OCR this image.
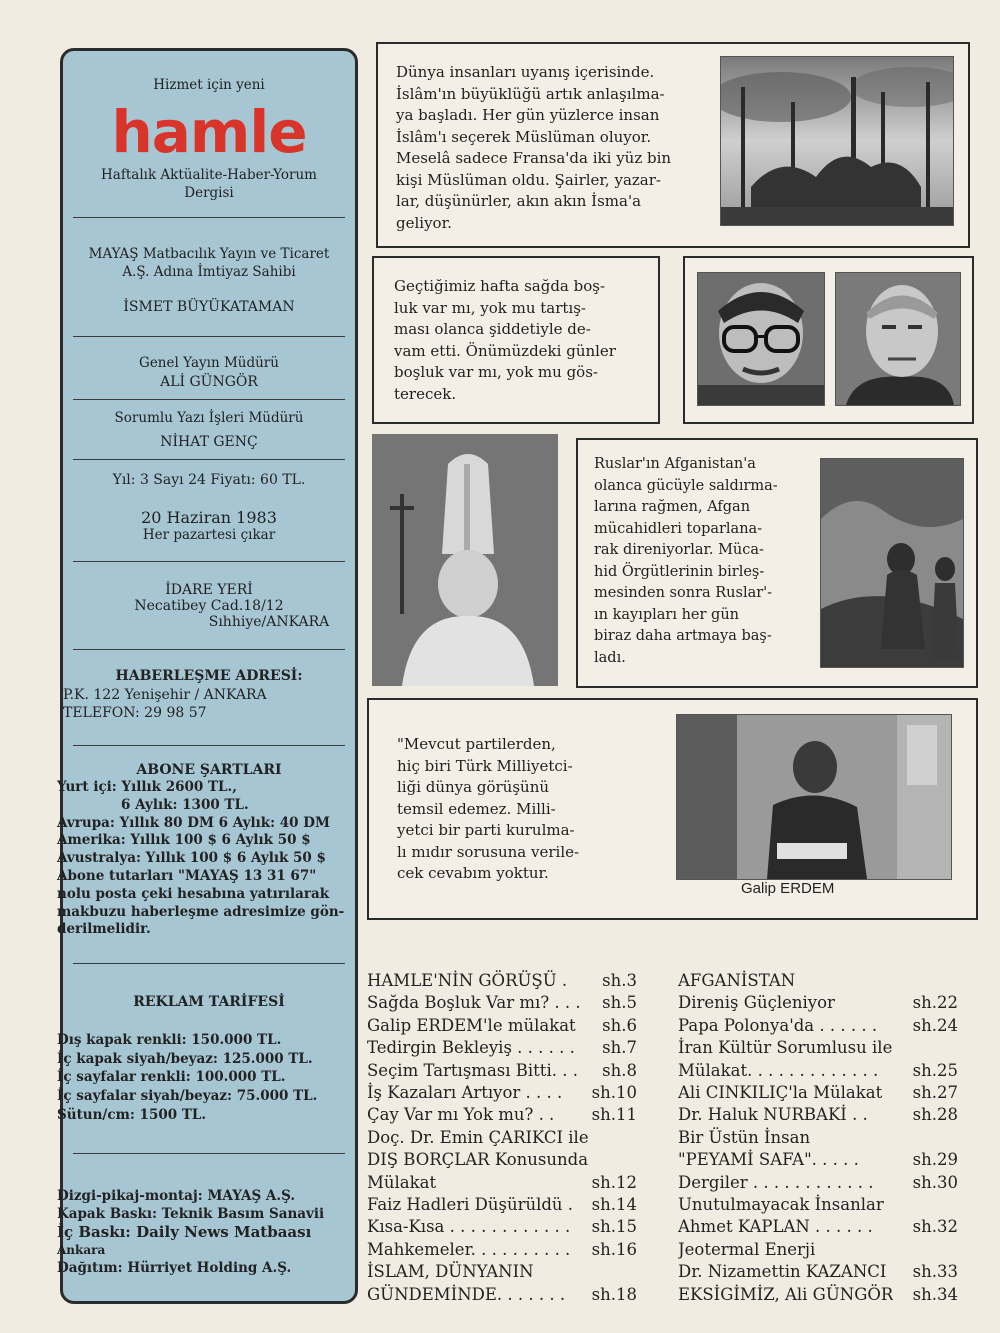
Hizmet için yeni
hamle
Haftalık Aktüalite-Haber-Yorum
Dergisi
MAYAŞ Matbacılık Yayın ve Ticaret
A.Ş. Adına İmtiyaz Sahibi
İSMET BÜYÜKATAMAN
Genel Yayın Müdürü
ALİ GÜNGÖR
Sorumlu Yazı İşleri Müdürü
NİHAT GENÇ
Yıl: 3 Sayı 24 Fiyatı: 60 TL.
20 Haziran 1983
Her pazartesi çıkar
İDARE YERİ
Necatibey Cad.18/12
Sıhhiye/ANKARA
HABERLEŞME ADRESİ:
P.K. 122 Yenişehir / ANKARA
TELEFON: 29 98 57
ABONE ŞARTLARI
Yurt içi: Yıllık 2600 TL.,
6 Aylık: 1300 TL.
Avrupa: Yıllık 80 DM 6 Aylık: 40 DM
Amerika: Yıllık 100 $ 6 Aylık 50 $
Avustralya: Yıllık 100 $ 6 Aylık 50 $
Abone tutarları "MAYAŞ 13 31 67"
nolu posta çeki hesabına yatırılarak
makbuzu haberleşme adresimize gön-
derilmelidir.
REKLAM TARİFESİ
Dış kapak renkli: 150.000 TL.
İç kapak siyah/beyaz: 125.000 TL.
İç sayfalar renkli: 100.000 TL.
İç sayfalar siyah/beyaz: 75.000 TL.
Sütun/cm: 1500 TL.
Dizgi-pikaj-montaj: MAYAŞ A.Ş.
Kapak Baskı: Teknik Basım Sanavii
İç Baskı: Daily News Matbaası
Ankara
Dağıtım: Hürriyet Holding A.Ş.
Dünya insanları uyanış içerisinde.
İslâm'ın büyüklüğü artık anlaşılma-
ya başladı. Her gün yüzlerce insan
İslâm'ı seçerek Müslüman oluyor.
Meselâ sadece Fransa'da iki yüz bin
kişi Müslüman oldu. Şairler, yazar-
lar, düşünürler, akın akın İsma'a
geliyor.
Geçtiğimiz hafta sağda boş-
luk var mı, yok mu tartış-
ması olanca şiddetiyle de-
vam etti. Önümüzdeki günler
boşluk var mı, yok mu gös-
terecek.
Ruslar'ın Afganistan'a
olanca gücüyle saldırma-
larına rağmen, Afgan
mücahidleri toparlana-
rak direniyorlar. Müca-
hid Örgütlerinin birleş-
mesinden sonra Ruslar'-
ın kayıpları her gün
biraz daha artmaya baş-
ladı.
"Mevcut partilerden,
hiç biri Türk Milliyetci-
liği dünya görüşünü
temsil edemez. Milli-
yetci bir parti kurulma-
lı mıdır sorusuna verile-
cek cevabım yoktur.
Galip ERDEM
HAMLE'NİN GÖRÜŞÜ . sh.3
Sağda Boşluk Var mı? . . . sh.5
Galip ERDEM'le mülakat sh.6
Tedirgin Bekleyiş . . . . . . sh.7
Seçim Tartışması Bitti. . . sh.8
İş Kazaları Artıyor . . . . sh.10
Çay Var mı Yok mu? . . sh.11
Doç. Dr. Emin ÇARIKCI ile
DIŞ BORÇLAR Konusunda
Mülakat	sh.12
Faiz Hadleri Düşürüldü . sh.14
Kısa-Kısa . . . . . . . . . . . . sh.15
Mahkemeler. . . . . . . . . . sh.16
İSLAM, DÜNYANIN
GÜNDEMİNDE. . . . . . . sh.18
AFGANİSTAN
Direniş Güçleniyor	sh.22
Papa Polonya'da . . . . . . sh.24
İran Kültür Sorumlusu ile
Mülakat. . . . . . . . . . . . . sh.25
Ali CINKILIÇ'la Mülakat sh.27
Dr. Haluk NURBAKİ . .	sh.28
Bir Üstün İnsan
"PEYAMİ SAFA". . . . .	sh.29
Dergiler . . . . . . . . . . . . sh.30
Unutulmayacak İnsanlar
Ahmet KAPLAN . . . . . . sh.32
Jeotermal Enerji
Dr. Nizamettin KAZANCI sh.33
EKSİGİMİZ, Ali GÜNGÖR sh.34
